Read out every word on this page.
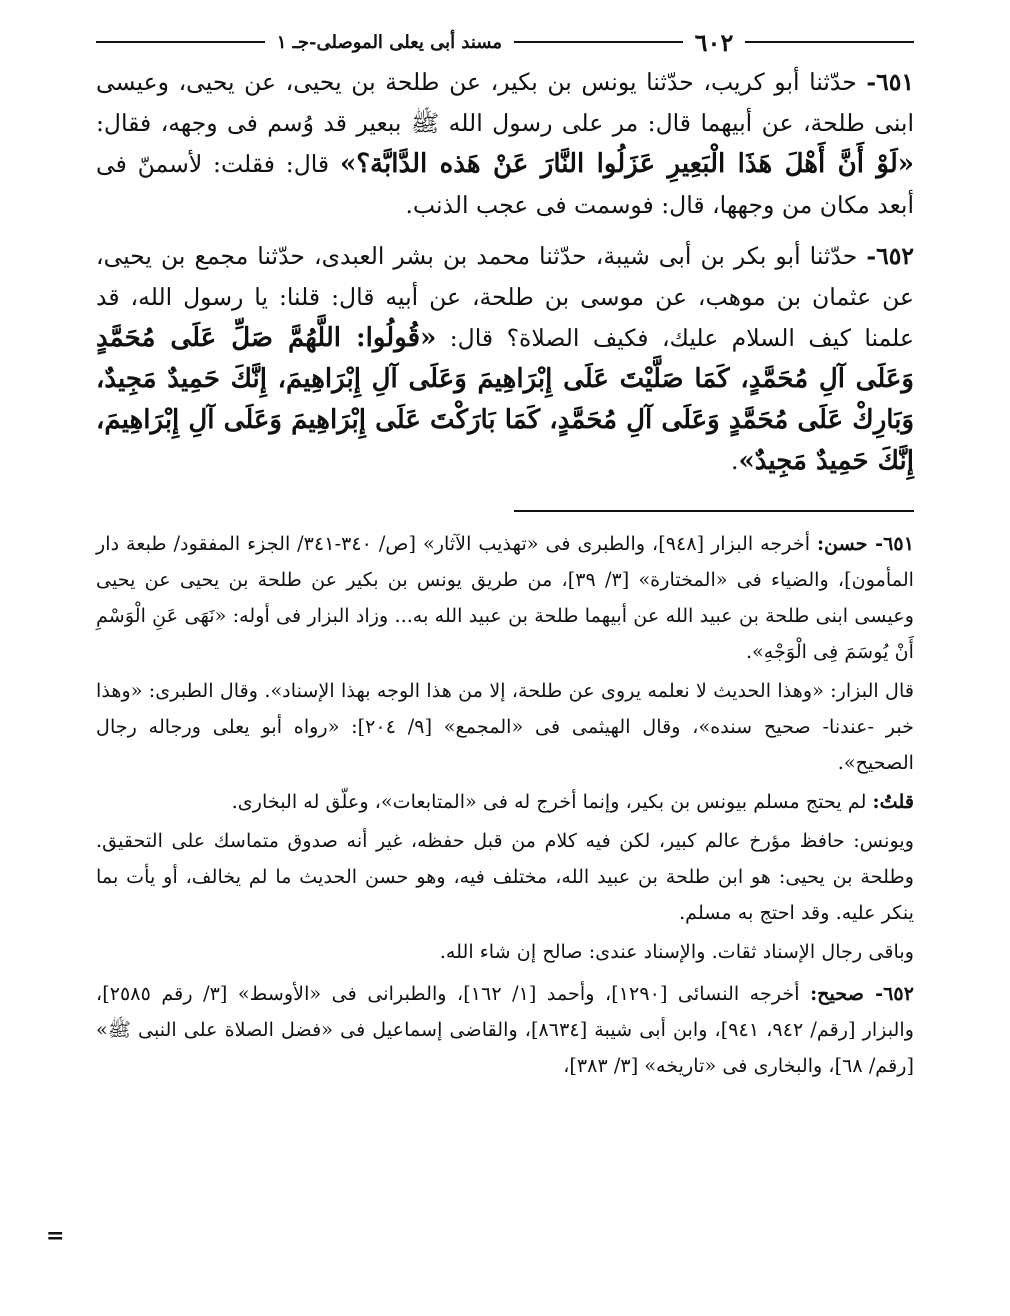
٦٠٢
مسند أبى يعلى الموصلى-جـ ١

٦٥١- حدّثنا أبو كريب، حدّثنا يونس بن بكير، عن طلحة بن يحيى، عن يحيى، وعيسى ابنى طلحة، عن أبيهما قال: مر على رسول الله ﷺ ببعير قد وُسم فى وجهه، فقال: «لَوْ أَنَّ أَهْلَ هَذَا الْبَعِيرِ عَزَلُوا النَّارَ عَنْ هَذه الدَّابَّة؟» قال: فقلت: لأسمنّ فى أبعد مكان من وجهها، قال: فوسمت فى عجب الذنب.

٦٥٢- حدّثنا أبو بكر بن أبى شيبة، حدّثنا محمد بن بشر العبدى، حدّثنا مجمع بن يحيى، عن عثمان بن موهب، عن موسى بن طلحة، عن أبيه قال: قلنا: يا رسول الله، قد علمنا كيف السلام عليك، فكيف الصلاة؟ قال: «قُولُوا: اللَّهُمَّ صَلِّ عَلَى مُحَمَّدٍ وَعَلَى آلِ مُحَمَّدٍ، كَمَا صَلَّيْتَ عَلَى إِبْرَاهِيمَ وَعَلَى آلِ إِبْرَاهِيمَ، إِنَّكَ حَمِيدٌ مَجِيدٌ، وَبَارِكْ عَلَى مُحَمَّدٍ وَعَلَى آلِ مُحَمَّدٍ، كَمَا بَارَكْتَ عَلَى إِبْرَاهِيمَ وَعَلَى آلِ إِبْرَاهِيمَ، إِنَّكَ حَمِيدٌ مَجِيدٌ».

٦٥١- حسن: أخرجه البزار [٩٤٨]، والطبرى فى «تهذيب الآثار» [ص/ ٣٤٠-٣٤١/ الجزء المفقود/ طبعة دار المأمون]، والضياء فى «المختارة» [٣/ ٣٩]، من طريق يونس بن بكير عن طلحة بن يحيى عن يحيى وعيسى ابنى طلحة بن عبيد الله عن أبيهما طلحة بن عبيد الله به... وزاد البزار فى أوله: «نَهَى عَنِ الْوَسْمِ أَنْ يُوسَمَ فِى الْوَجْهِ».

قال البزار: «وهذا الحديث لا نعلمه يروى عن طلحة، إلا من هذا الوجه بهذا الإسناد». وقال الطبرى: «وهذا خبر -عندنا- صحيح سنده»، وقال الهيثمى فى «المجمع» [٩/ ٢٠٤]: «رواه أبو يعلى ورجاله رجال الصحيح».

قلتُ: لم يحتج مسلم بيونس بن بكير، وإنما أخرج له فى «المتابعات»، وعلّق له البخارى.

ويونس: حافظ مؤرخ عالم كبير، لكن فيه كلام من قبل حفظه، غير أنه صدوق متماسك على التحقيق. وطلحة بن يحيى: هو ابن طلحة بن عبيد الله، مختلف فيه، وهو حسن الحديث ما لم يخالف، أو يأت بما ينكر عليه. وقد احتج به مسلم.

وباقى رجال الإسناد ثقات. والإسناد عندى: صالح إن شاء الله.

٦٥٢- صحيح: أخرجه النسائى [١٢٩٠]، وأحمد [١/ ١٦٢]، والطبرانى فى «الأوسط» [٣/ رقم ٢٥٨٥]، والبزار [رقم/ ٩٤٢، ٩٤١]، وابن أبى شيبة [٨٦٣٤]، والقاضى إسماعيل فى «فضل الصلاة على النبى ﷺ» [رقم/ ٦٨]، والبخارى فى «تاريخه» [٣/ ٣٨٣]،

=
